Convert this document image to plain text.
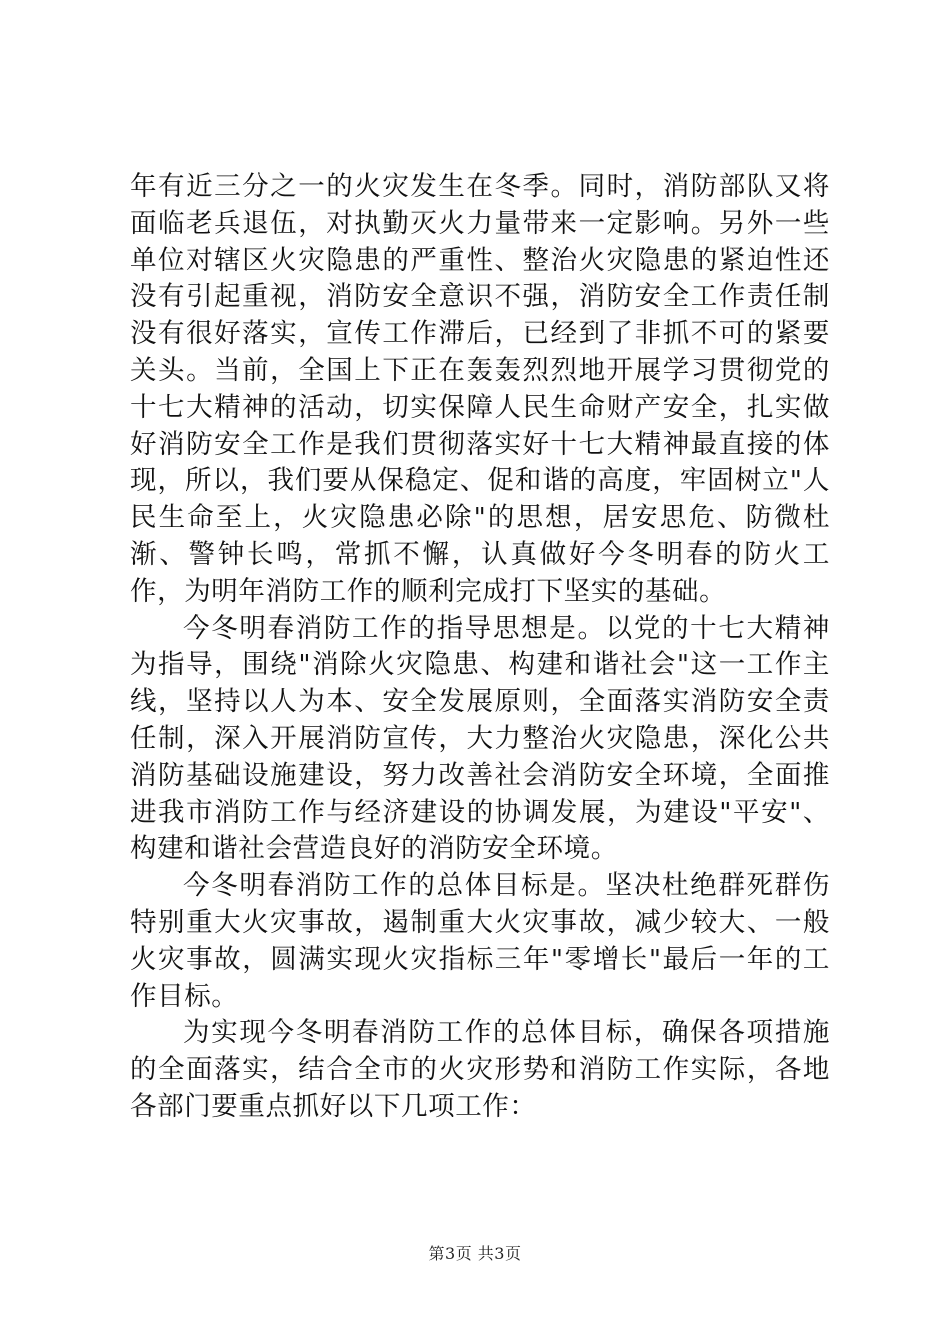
年有近三分之一的火灾发生在冬季。同时，消防部队又将面临老兵退伍，对执勤灭火力量带来一定影响。另外一些单位对辖区火灾隐患的严重性、整治火灾隐患的紧迫性还没有引起重视，消防安全意识不强，消防安全工作责任制没有很好落实，宣传工作滞后，已经到了非抓不可的紧要关头。当前，全国上下正在轰轰烈烈地开展学习贯彻党的十七大精神的活动，切实保障人民生命财产安全，扎实做好消防安全工作是我们贯彻落实好十七大精神最直接的体现，所以，我们要从保稳定、促和谐的高度，牢固树立"人民生命至上，火灾隐患必除"的思想，居安思危、防微杜渐、警钟长鸣，常抓不懈，认真做好今冬明春的防火工作，为明年消防工作的顺利完成打下坚实的基础。

今冬明春消防工作的指导思想是。以党的十七大精神为指导，围绕"消除火灾隐患、构建和谐社会"这一工作主线，坚持以人为本、安全发展原则，全面落实消防安全责任制，深入开展消防宣传，大力整治火灾隐患，深化公共消防基础设施建设，努力改善社会消防安全环境，全面推进我市消防工作与经济建设的协调发展，为建设"平安"、构建和谐社会营造良好的消防安全环境。

今冬明春消防工作的总体目标是。坚决杜绝群死群伤特别重大火灾事故，遏制重大火灾事故，减少较大、一般火灾事故，圆满实现火灾指标三年"零增长"最后一年的工作目标。

为实现今冬明春消防工作的总体目标，确保各项措施的全面落实，结合全市的火灾形势和消防工作实际，各地各部门要重点抓好以下几项工作：

第3页 共3页
